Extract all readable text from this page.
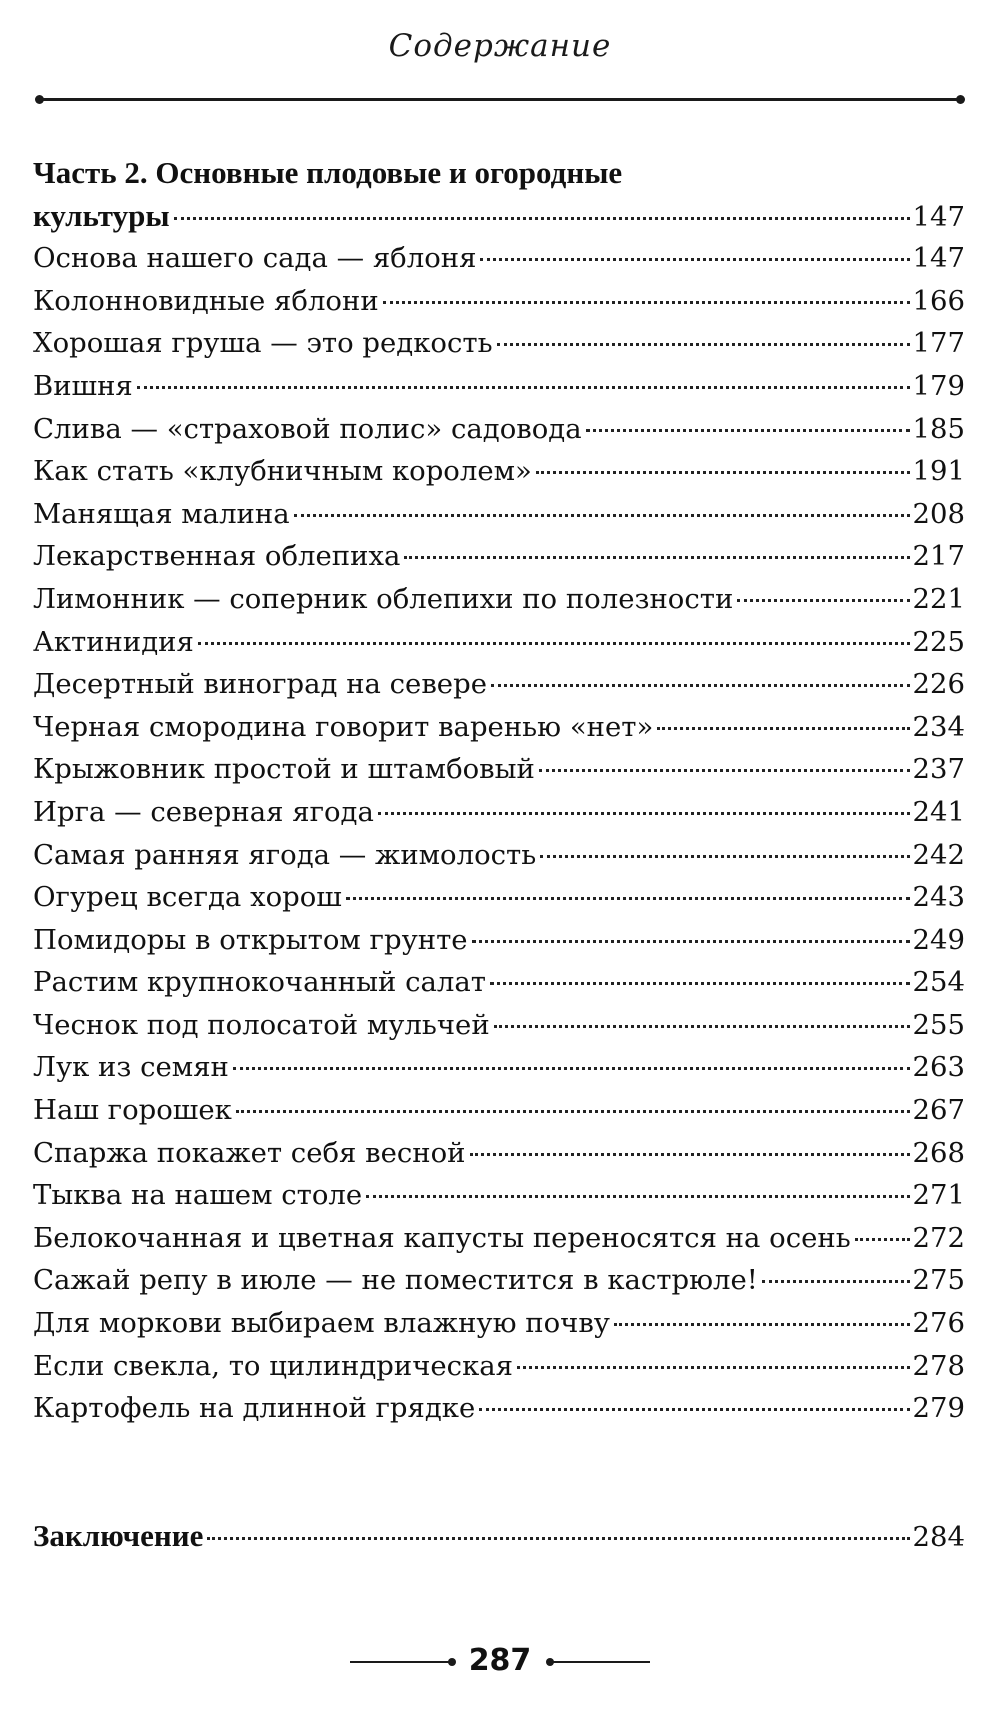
Содержание
Часть 2. Основные плодовые и огородные
культуры	147
Основа нашего сада — яблоня	147
Колонновидные яблони	166
Хорошая груша — это редкость	177
Вишня	179
Слива — «страховой полис» садовода	185
Как стать «клубничным королем»	191
Манящая малина	208
Лекарственная облепиха	217
Лимонник — соперник облепихи по полезности	221
Актинидия	225
Десертный виноград на севере	226
Черная смородина говорит варенью «нет»	234
Крыжовник простой и штамбовый	237
Ирга — северная ягода	241
Самая ранняя ягода — жимолость	242
Огурец всегда хорош	243
Помидоры в открытом грунте	249
Растим крупнокочанный салат	254
Чеснок под полосатой мульчей	255
Лук из семян	263
Наш горошек	267
Спаржа покажет себя весной	268
Тыква на нашем столе	271
Белокочанная и цветная капусты переносятся на осень 272
Сажай репу в июле — не поместится в кастрюле!	275
Для моркови выбираем влажную почву	276
Если свекла, то цилиндрическая	278
Картофель на длинной грядке	279
Заключение	284
287
